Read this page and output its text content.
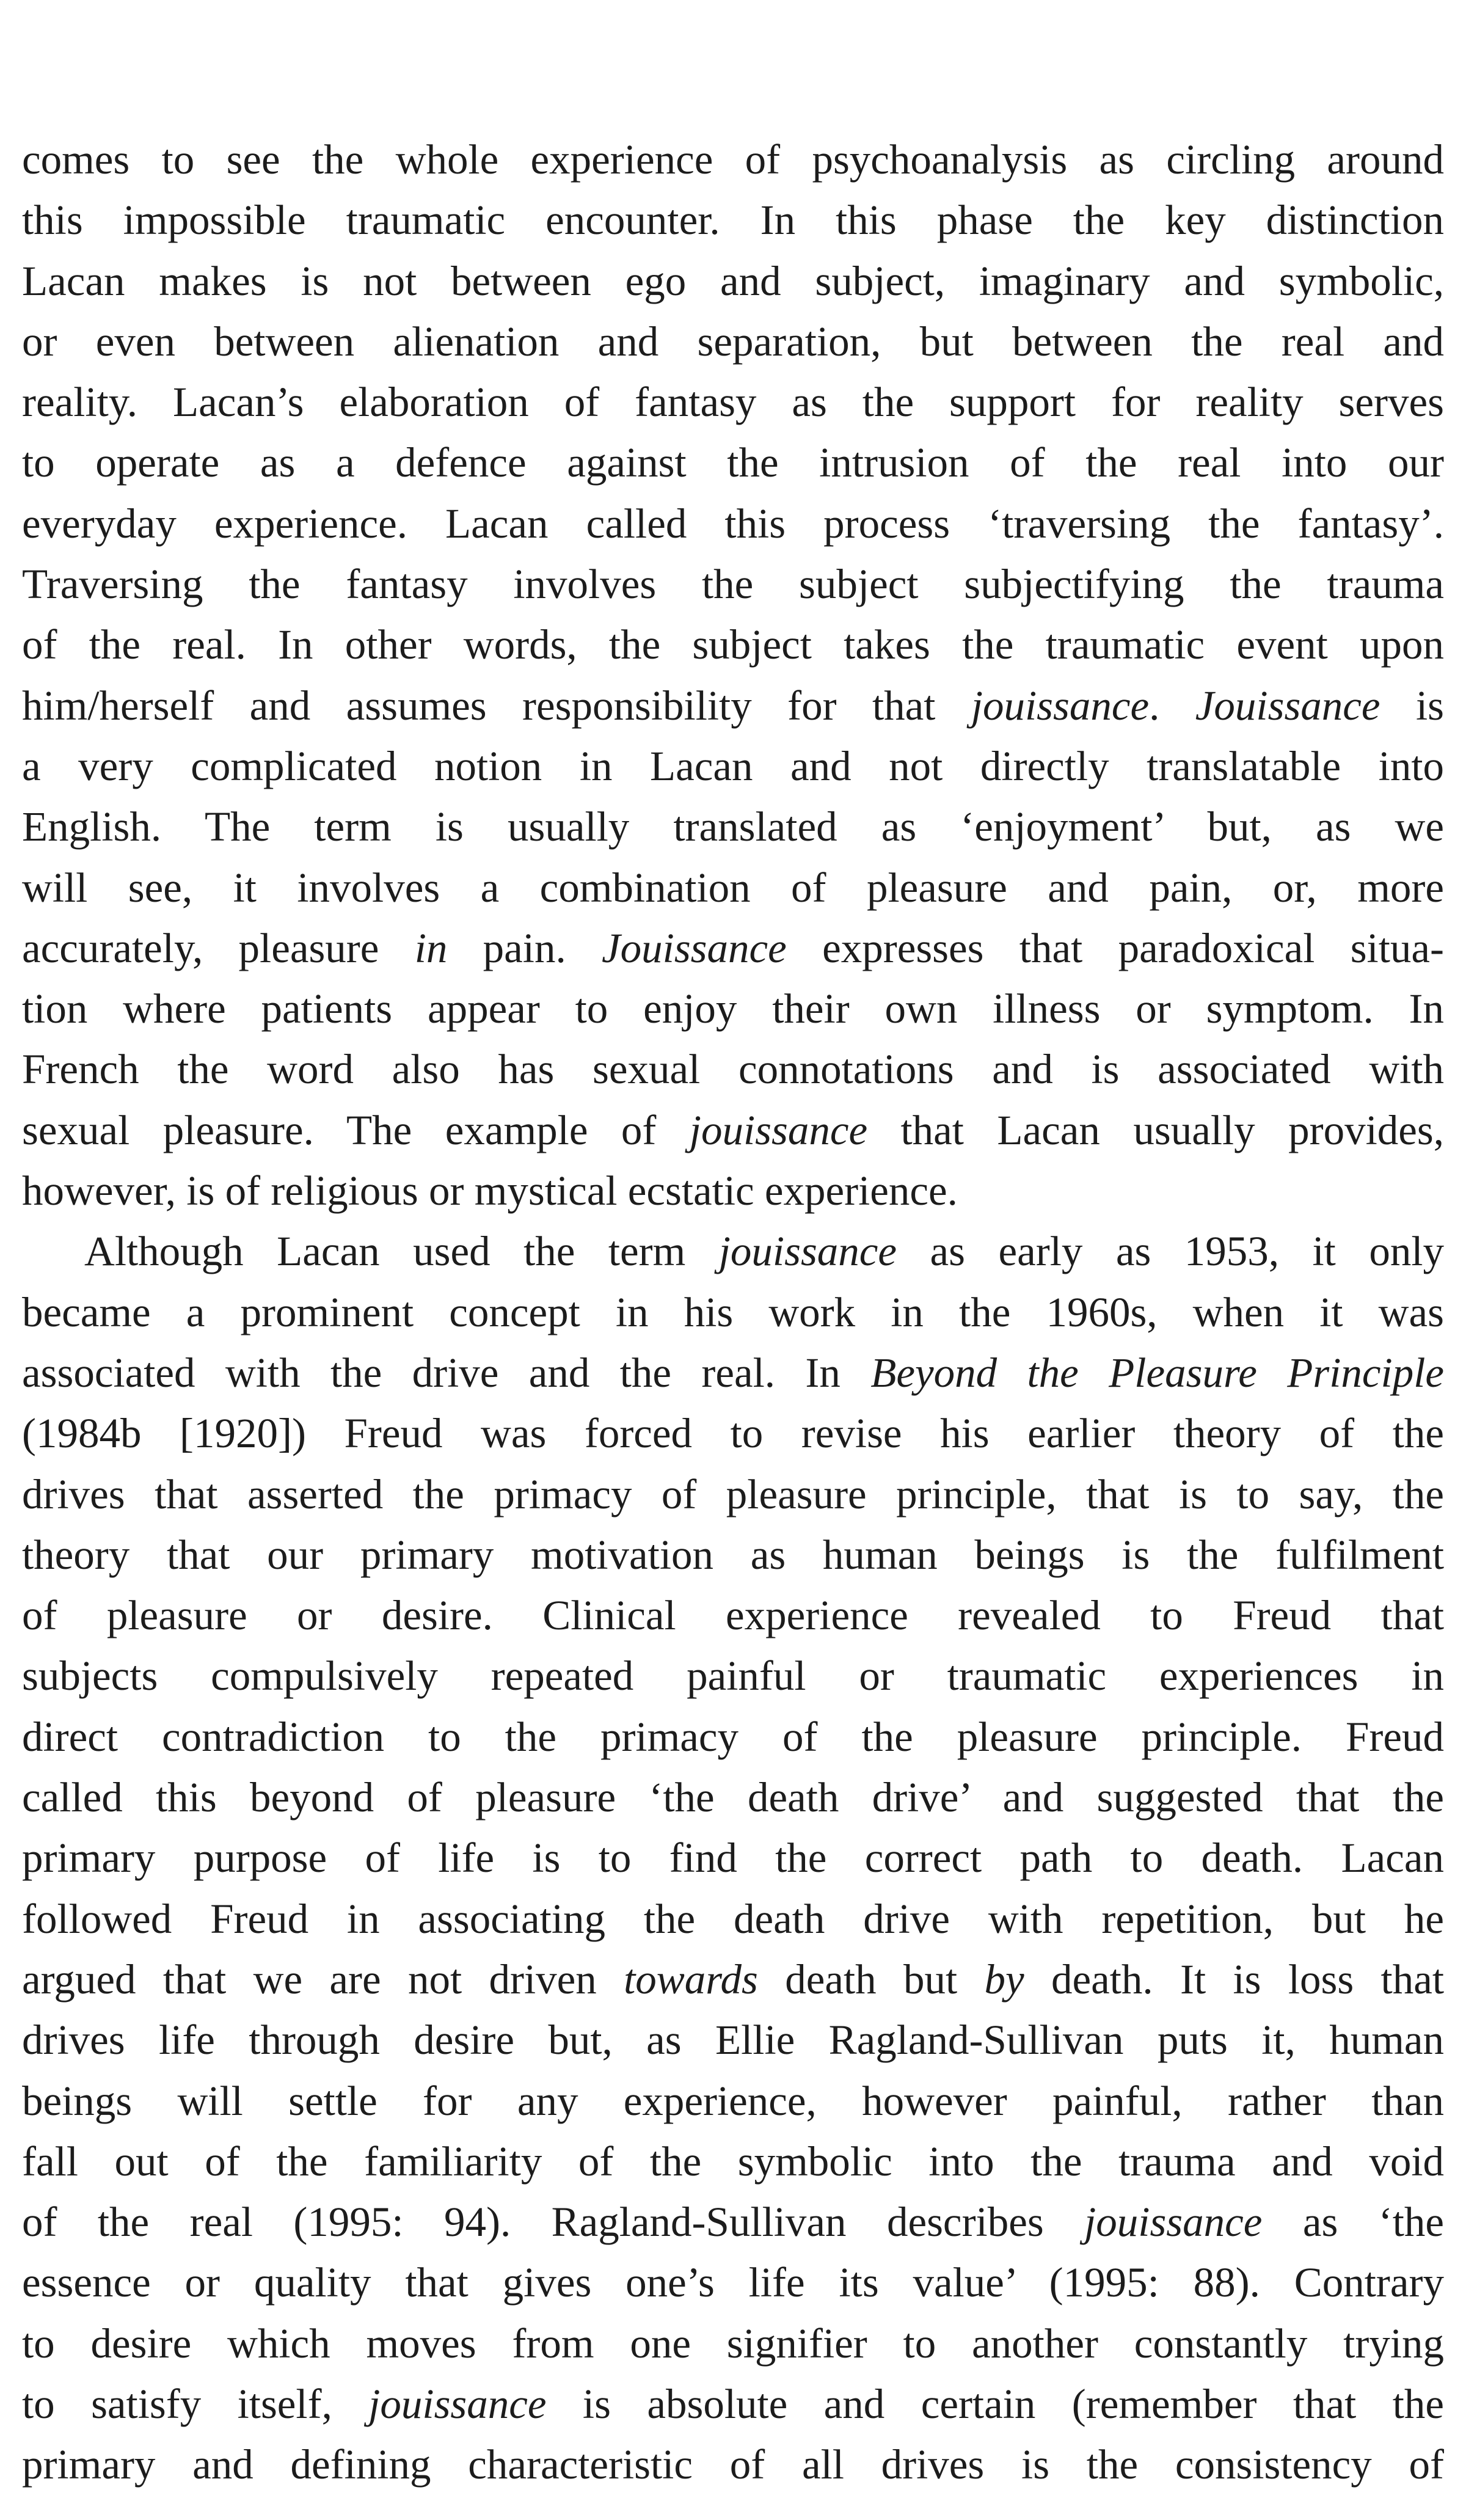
comes to see the whole experience of psychoanalysis as circling around
this impossible traumatic encounter. In this phase the key distinction
Lacan makes is not between ego and subject, imaginary and symbolic,
or even between alienation and separation, but between the real and
reality. Lacan’s elaboration of fantasy as the support for reality serves
to operate as a defence against the intrusion of the real into our
everyday experience. Lacan called this process ‘traversing the fantasy’.
Traversing the fantasy involves the subject subjectifying the trauma
of the real. In other words, the subject takes the traumatic event upon
him/herself and assumes responsibility for that jouissance. Jouissance is
a very complicated notion in Lacan and not directly translatable into
English. The term is usually translated as ‘enjoyment’ but, as we
will see, it involves a combination of pleasure and pain, or, more
accurately, pleasure in pain. Jouissance expresses that paradoxical situa-
tion where patients appear to enjoy their own illness or symptom. In
French the word also has sexual connotations and is associated with
sexual pleasure. The example of jouissance that Lacan usually provides,
however, is of religious or mystical ecstatic experience.
Although Lacan used the term jouissance as early as 1953, it only
became a prominent concept in his work in the 1960s, when it was
associated with the drive and the real. In Beyond the Pleasure Principle
(1984b [1920]) Freud was forced to revise his earlier theory of the
drives that asserted the primacy of pleasure principle, that is to say, the
theory that our primary motivation as human beings is the fulfilment
of pleasure or desire. Clinical experience revealed to Freud that
subjects compulsively repeated painful or traumatic experiences in
direct contradiction to the primacy of the pleasure principle. Freud
called this beyond of pleasure ‘the death drive’ and suggested that the
primary purpose of life is to find the correct path to death. Lacan
followed Freud in associating the death drive with repetition, but he
argued that we are not driven towards death but by death. It is loss that
drives life through desire but, as Ellie Ragland-Sullivan puts it, human
beings will settle for any experience, however painful, rather than
fall out of the familiarity of the symbolic into the trauma and void
of the real (1995: 94). Ragland-Sullivan describes jouissance as ‘the
essence or quality that gives one’s life its value’ (1995: 88). Contrary
to desire which moves from one signifier to another constantly trying
to satisfy itself, jouissance is absolute and certain (remember that the
primary and defining characteristic of all drives is the consistency of
